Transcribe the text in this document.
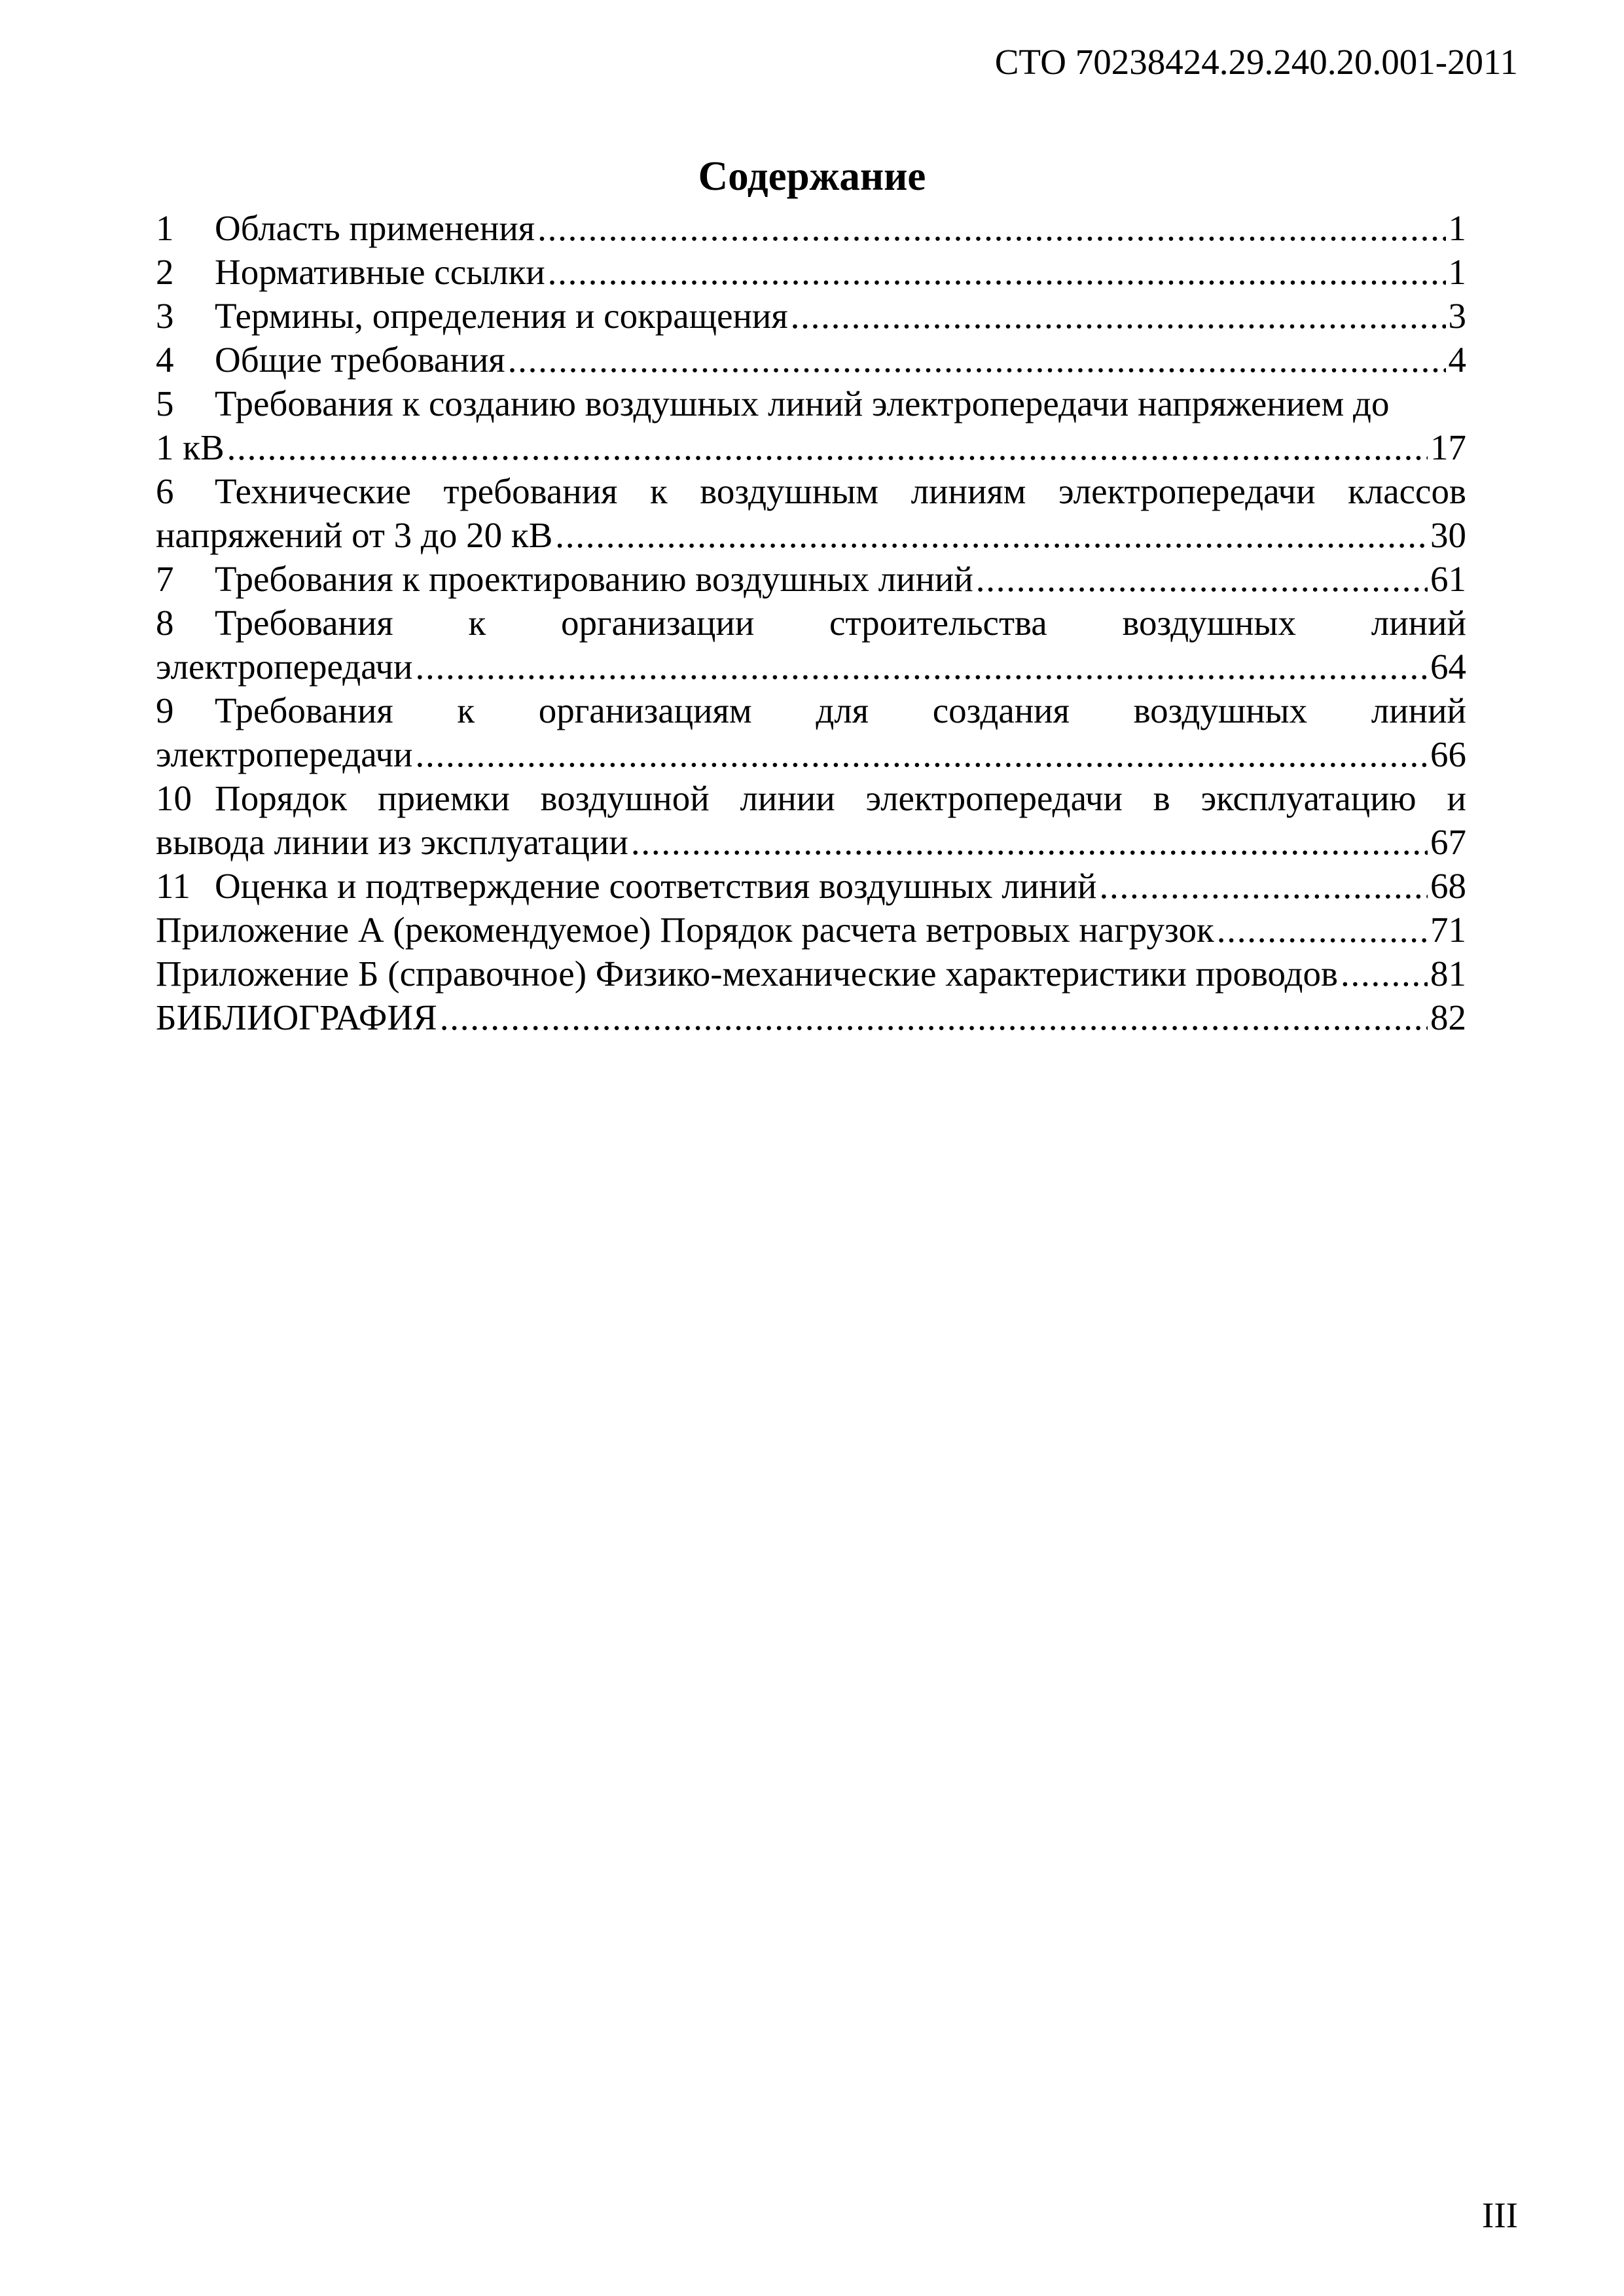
СТО 70238424.29.240.20.001-2011
Содержание
1	Область применения . . .	1
2	Нормативные ссылки . . .	1
3	Термины, определения и сокращения . . .	3
4	Общие требования . . .	4
5	Требования к созданию воздушных линий электропередачи напряжением до
1 кВ . . .	17
6	Технические требования к воздушным линиям электропередачи классов
напряжений от 3 до 20 кВ . . .	30
7	Требования к проектированию воздушных линий . . .	61
8	Требования к организации строительства воздушных линий
электропередачи . . .	64
9	Требования к организациям для создания воздушных линий
электропередачи . . .	66
10 Порядок приемки воздушной линии электропередачи в эксплуатацию и
вывода линии из эксплуатации . . .	67
11 Оценка и подтверждение соответствия воздушных линий . . .	68
Приложение А (рекомендуемое) Порядок расчета ветровых нагрузок . . .	71
Приложение Б (справочное) Физико-механические характеристики проводов . . .	81
БИБЛИОГРАФИЯ . . .	82
III
